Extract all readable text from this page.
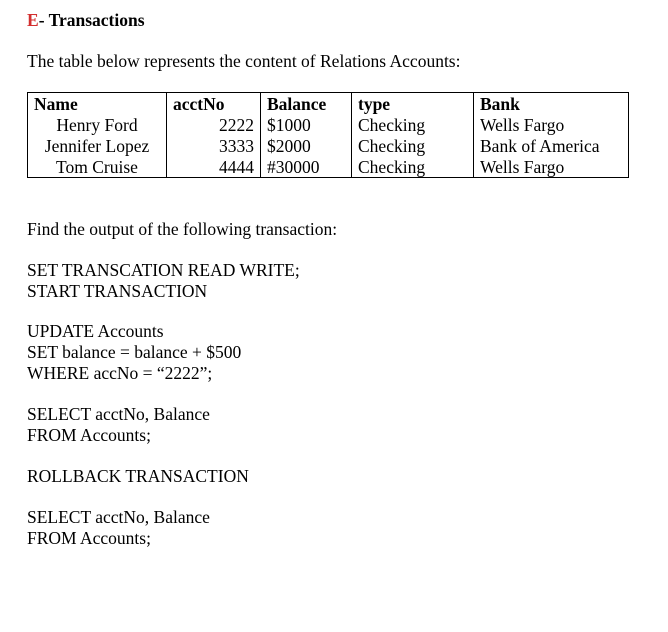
E- Transactions
The table below represents the content of Relations Accounts:
Name	acctNo	Balance	type	Bank
Henry Ford	2222	$1000	Checking	Wells Fargo
Jennifer Lopez	3333	$2000	Checking	Bank of America
Tom Cruise	4444	#30000	Checking	Wells Fargo
Find the output of the following transaction:
SET TRANSCATION READ WRITE;
START TRANSACTION
UPDATE Accounts
SET balance = balance + $500
WHERE accNo = “2222”;
SELECT acctNo, Balance
FROM Accounts;
ROLLBACK TRANSACTION
SELECT acctNo, Balance
FROM Accounts;
